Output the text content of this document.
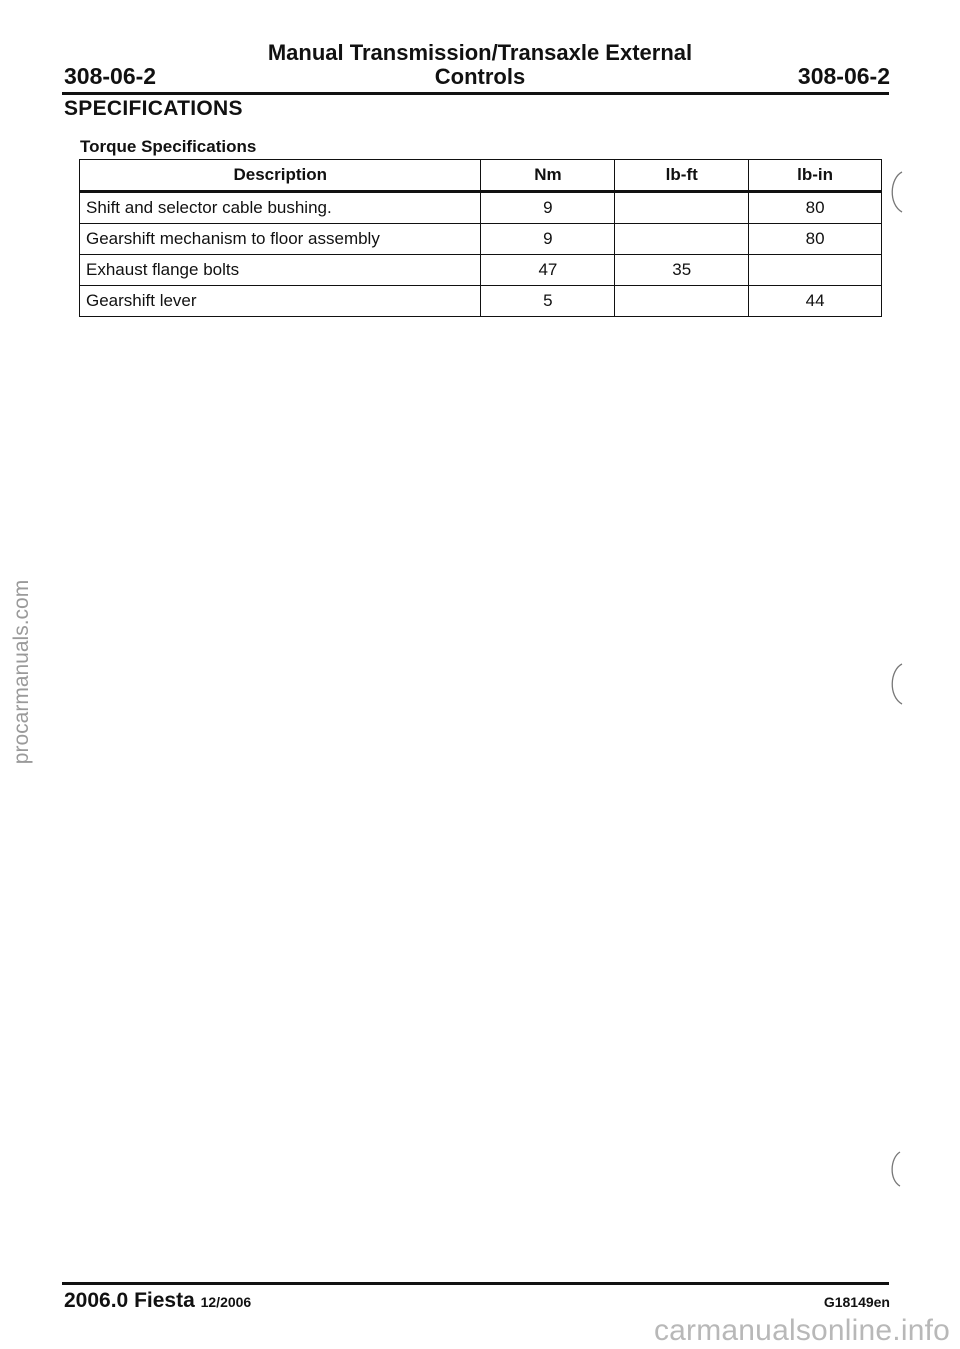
Manual Transmission/Transaxle External
Controls
308-06-2	308-06-2
SPECIFICATIONS
Torque Specifications
Description	Nm	lb-ft	lb-in
Shift and selector cable bushing.	9		80
Gearshift mechanism to floor assembly	9		80
Exhaust flange bolts	47	35	
Gearshift lever	5		44
procarmanuals.com
2006.0 Fiesta 12/2006	G18149en
carmanualsonline.info
